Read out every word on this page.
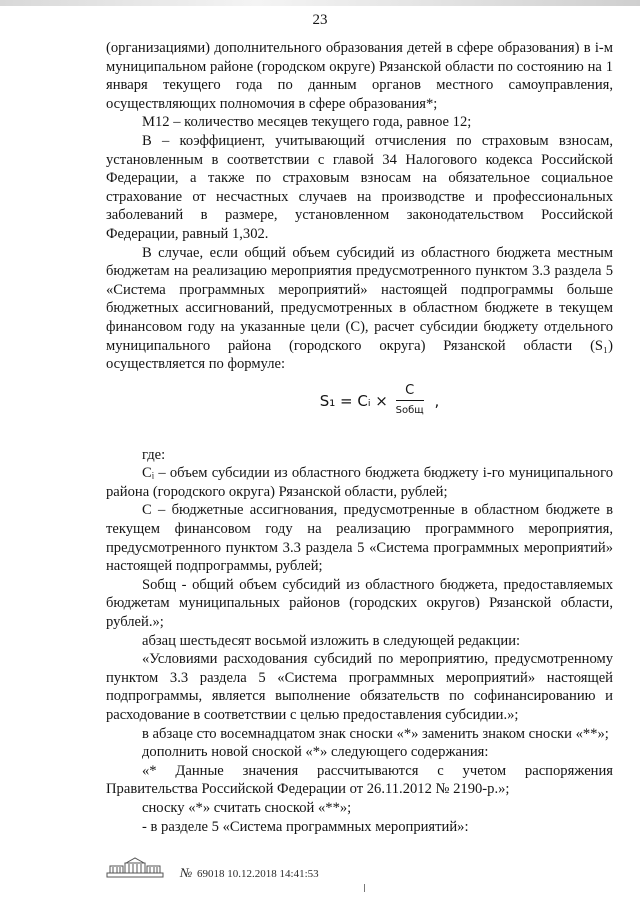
23

(организациями) дополнительного образования детей в сфере образования) в i-м муниципальном районе (городском округе) Рязанской области по состоянию на 1 января текущего года по данным органов местного самоуправления, осуществляющих полномочия в сфере образования*;

М12 – количество месяцев текущего года, равное 12;

В – коэффициент, учитывающий отчисления по страховым взносам, установленным в соответствии с главой 34 Налогового кодекса Российской Федерации, а также по страховым взносам на обязательное социальное страхование от несчастных случаев на производстве и профессиональных заболеваний в размере, установленном законодательством Российской Федерации, равный 1,302.

В случае, если общий объем субсидий из областного бюджета местным бюджетам на реализацию мероприятия предусмотренного пунктом 3.3 раздела 5 «Система программных мероприятий» настоящей подпрограммы больше бюджетных ассигнований, предусмотренных в областном бюджете в текущем финансовом году на указанные цели (С), расчет субсидии бюджету отдельного муниципального района (городского округа) Рязанской области (S₁) осуществляется по формуле:

S₁ = Cᵢ × $\frac{C}{\text{Sобщ}}$ ,

где:

Сᵢ – объем субсидии из областного бюджета бюджету i-го муниципального района (городского округа) Рязанской области, рублей;

С – бюджетные ассигнования, предусмотренные в областном бюджете в текущем финансовом году на реализацию программного мероприятия, предусмотренного пунктом 3.3 раздела 5 «Система программных мероприятий» настоящей подпрограммы, рублей;

Sобщ - общий объем субсидий из областного бюджета, предоставляемых бюджетам муниципальных районов (городских округов) Рязанской области, рублей.»;

абзац шестьдесят восьмой изложить в следующей редакции:

«Условиями расходования субсидий по мероприятию, предусмотренному пунктом 3.3 раздела 5 «Система программных мероприятий» настоящей подпрограммы, является выполнение обязательств по софинансированию и расходование в соответствии с целью предоставления субсидии.»;

в абзаце сто восемнадцатом знак сноски «*» заменить знаком сноски «**»;

дополнить новой сноской «*» следующего содержания:

«* Данные значения рассчитываются с учетом распоряжения Правительства Российской Федерации от 26.11.2012 № 2190-р.»;

сноску «*» считать сноской «**»;

- в разделе 5 «Система программных мероприятий»:

№ 69018 10.12.2018 14:41:53
